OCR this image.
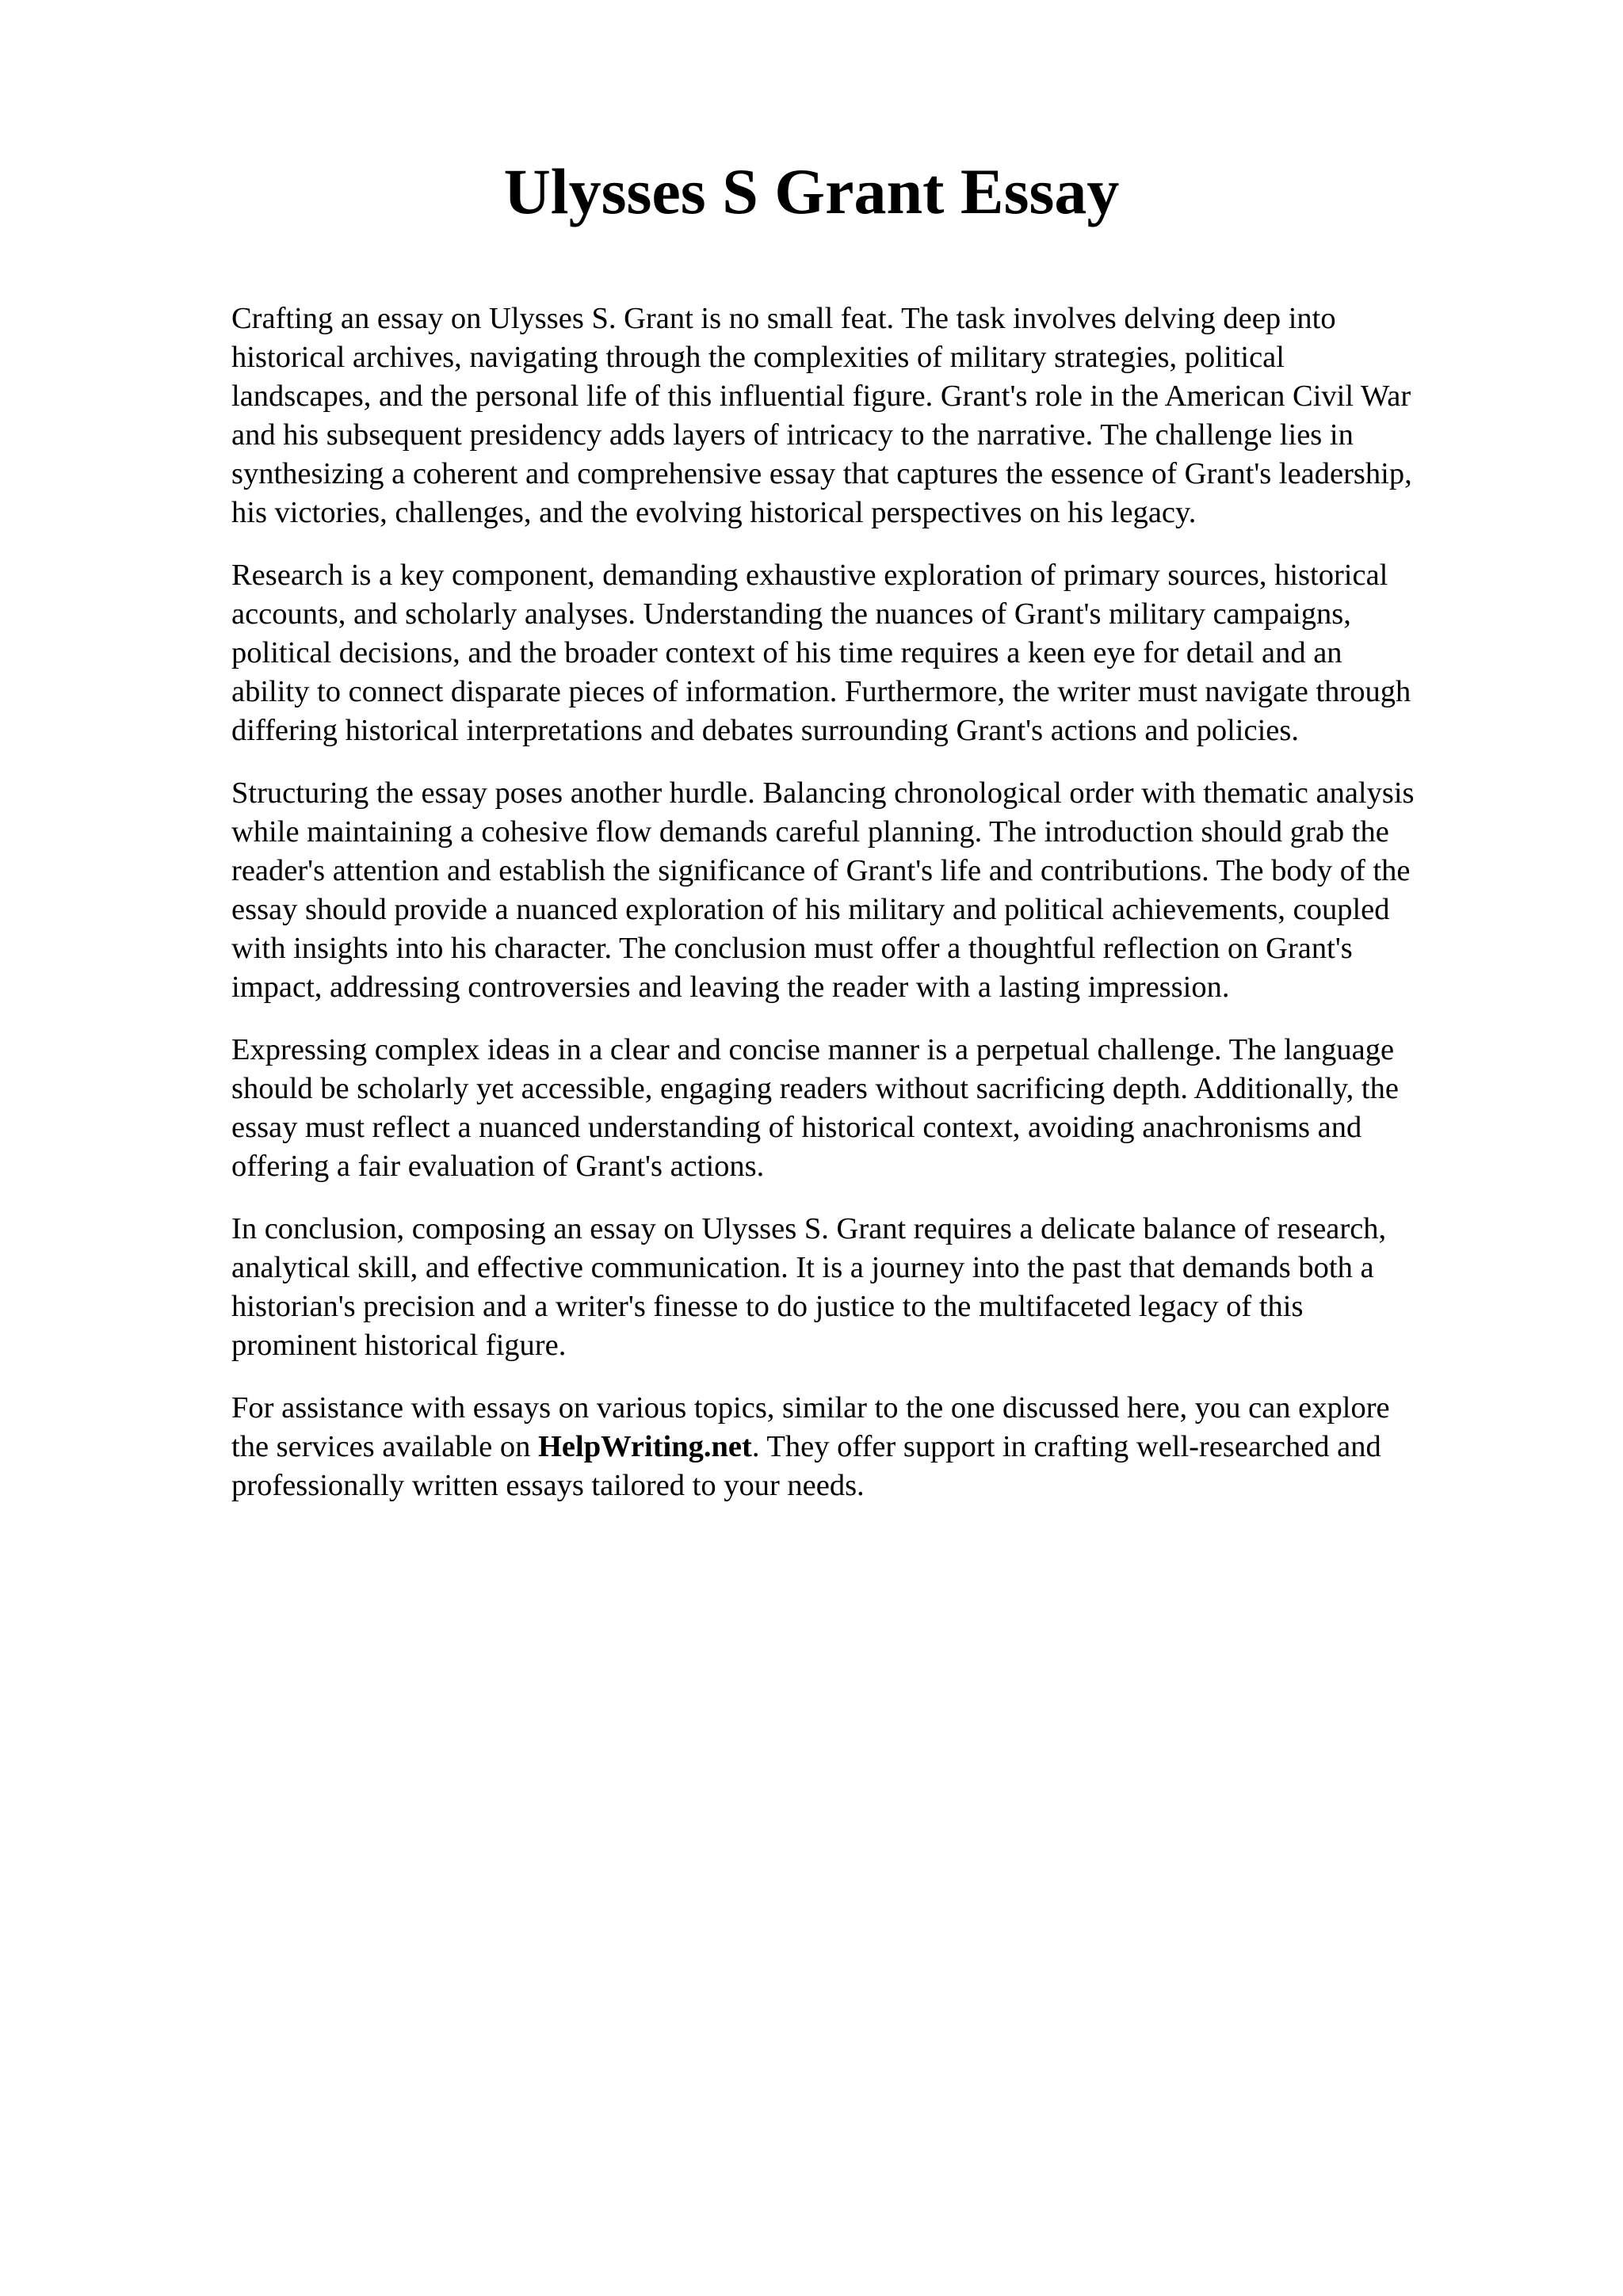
Ulysses S Grant Essay

Crafting an essay on Ulysses S. Grant is no small feat. The task involves delving deep into
historical archives, navigating through the complexities of military strategies, political
landscapes, and the personal life of this influential figure. Grant's role in the American Civil War
and his subsequent presidency adds layers of intricacy to the narrative. The challenge lies in
synthesizing a coherent and comprehensive essay that captures the essence of Grant's leadership,
his victories, challenges, and the evolving historical perspectives on his legacy.

Research is a key component, demanding exhaustive exploration of primary sources, historical
accounts, and scholarly analyses. Understanding the nuances of Grant's military campaigns,
political decisions, and the broader context of his time requires a keen eye for detail and an
ability to connect disparate pieces of information. Furthermore, the writer must navigate through
differing historical interpretations and debates surrounding Grant's actions and policies.

Structuring the essay poses another hurdle. Balancing chronological order with thematic analysis
while maintaining a cohesive flow demands careful planning. The introduction should grab the
reader's attention and establish the significance of Grant's life and contributions. The body of the
essay should provide a nuanced exploration of his military and political achievements, coupled
with insights into his character. The conclusion must offer a thoughtful reflection on Grant's
impact, addressing controversies and leaving the reader with a lasting impression.

Expressing complex ideas in a clear and concise manner is a perpetual challenge. The language
should be scholarly yet accessible, engaging readers without sacrificing depth. Additionally, the
essay must reflect a nuanced understanding of historical context, avoiding anachronisms and
offering a fair evaluation of Grant's actions.

In conclusion, composing an essay on Ulysses S. Grant requires a delicate balance of research,
analytical skill, and effective communication. It is a journey into the past that demands both a
historian's precision and a writer's finesse to do justice to the multifaceted legacy of this
prominent historical figure.

For assistance with essays on various topics, similar to the one discussed here, you can explore
the services available on HelpWriting.net. They offer support in crafting well-researched and
professionally written essays tailored to your needs.
